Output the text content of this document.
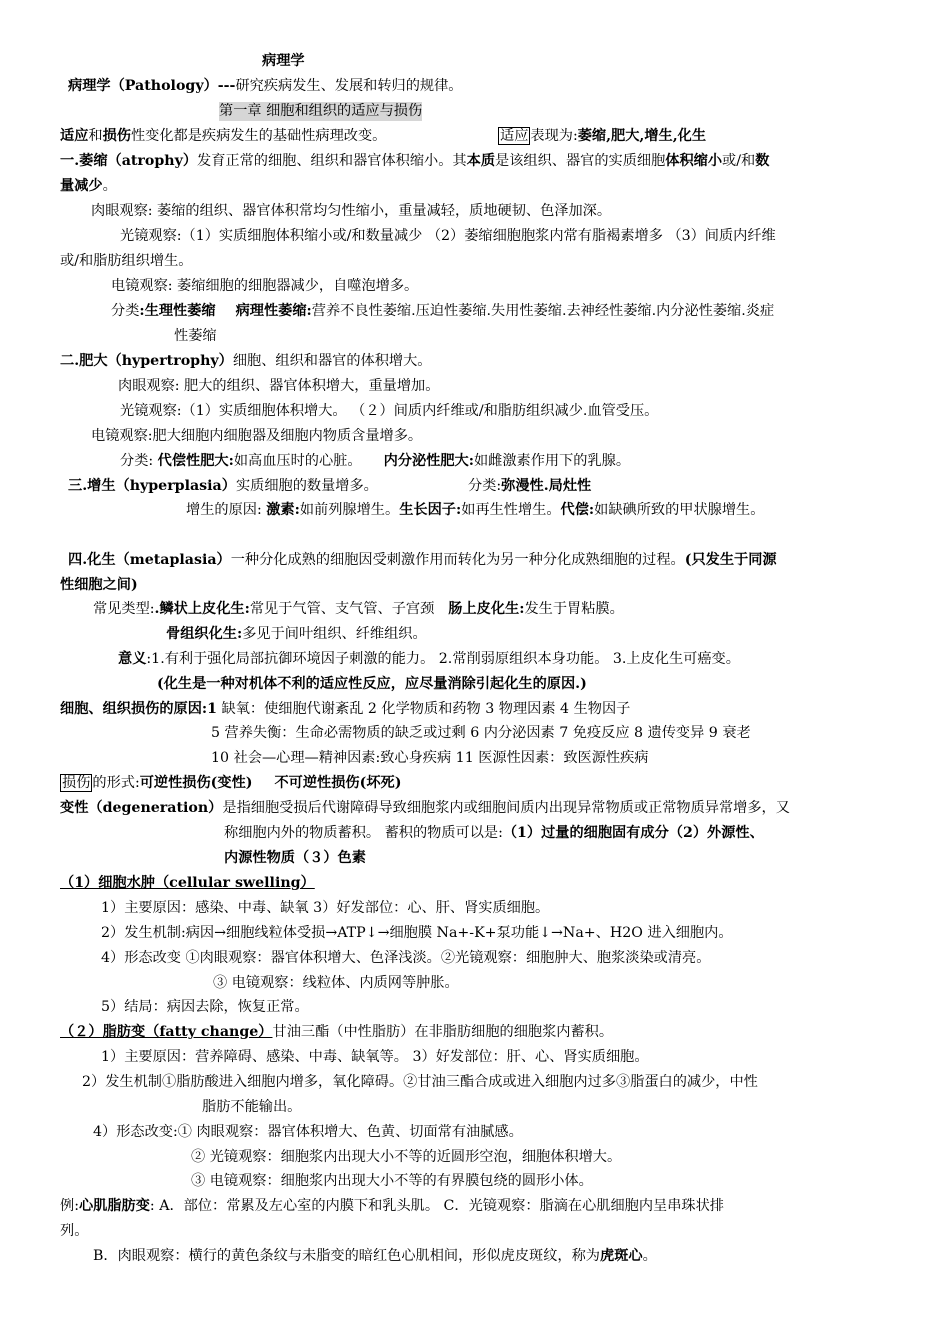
病理学
病理学（Pathology）---研究疾病发生、发展和转归的规律。
第一章 细胞和组织的适应与损伤
适应和损伤性变化都是疾病发生的基础性病理改变。	适应 表现为:萎缩,肥大,增生,化生
一.萎缩（atrophy）发育正常的细胞、组织和器官体积缩小。其本质是该组织、器官的实质细胞体积缩小或/和数
量减少。
肉眼观察: 萎缩的组织、器官体积常均匀性缩小，重量减轻，质地硬韧、色泽加深。
光镜观察:（1）实质细胞体积缩小或/和数量减少 （2）萎缩细胞胞浆内常有脂褐素增多 （3）间质内纤维
或/和脂肪组织增生。
电镜观察: 萎缩细胞的细胞器减少，自噬泡增多。
分类:生理性萎缩 病理性萎缩:营养不良性萎缩.压迫性萎缩.失用性萎缩.去神经性萎缩.内分泌性萎缩.炎症
性萎缩
二.肥大（hypertrophy）细胞、组织和器官的体积增大。
肉眼观察: 肥大的组织、器官体积增大，重量增加。
光镜观察:（1）实质细胞体积增大。 （２）间质内纤维或/和脂肪组织减少.血管受压。
电镜观察:肥大细胞内细胞器及细胞内物质含量增多。
分类: 代偿性肥大:如高血压时的心脏。 内分泌性肥大:如雌激素作用下的乳腺。
三.增生（hyperplasia）实质细胞的数量增多。	分类:弥漫性.局灶性
增生的原因: 激素:如前列腺增生。生长因子:如再生性增生。代偿:如缺碘所致的甲状腺增生。
四.化生（metaplasia）一种分化成熟的细胞因受刺激作用而转化为另一种分化成熟细胞的过程。(只发生于同源
性细胞之间)
常见类型:.鳞状上皮化生:常见于气管、支气管、子宫颈 肠上皮化生:发生于胃粘膜。
骨组织化生:多见于间叶组织、纤维组织。
意义:1.有利于强化局部抗御环境因子刺激的能力。 2.常削弱原组织本身功能。 3.上皮化生可癌变。
(化生是一种对机体不利的适应性反应，应尽量消除引起化生的原因.)
细胞、组织损伤的原因:1 缺氧：使细胞代谢紊乱 2 化学物质和药物 3 物理因素 4 生物因子
5 营养失衡：生命必需物质的缺乏或过剩 6 内分泌因素 7 免疫反应 8 遗传变异 9 衰老
10 社会—心理—精神因素:致心身疾病 11 医源性因素：致医源性疾病
损伤 的形式:可逆性损伤(变性) 不可逆性损伤(坏死)
变性（degeneration）是指细胞受损后代谢障碍导致细胞浆内或细胞间质内出现异常物质或正常物质异常增多，又
称细胞内外的物质蓄积。 蓄积的物质可以是:（1）过量的细胞固有成分（2）外源性、
内源性物质（３）色素
（1）细胞水肿（cellular swelling）
1）主要原因：感染、中毒、缺氧 3）好发部位：心、肝、肾实质细胞。
2）发生机制:病因→细胞线粒体受损→ATP↓→细胞膜 Na+-K+泵功能↓→Na+、H2O 进入细胞内。
4）形态改变 ①肉眼观察：器官体积增大、色泽浅淡。②光镜观察：细胞肿大、胞浆淡染或清亮。
③ 电镜观察：线粒体、内质网等肿胀。
5）结局：病因去除，恢复正常。
（２）脂肪变（fatty change）甘油三酯（中性脂肪）在非脂肪细胞的细胞浆内蓄积。
1）主要原因：营养障碍、感染、中毒、缺氧等。 3）好发部位：肝、心、肾实质细胞。
2）发生机制①脂肪酸进入细胞内增多，氧化障碍。②甘油三酯合成或进入细胞内过多③脂蛋白的减少，中性
脂肪不能输出。
4）形态改变:① 肉眼观察：器官体积增大、色黄、切面常有油腻感。
② 光镜观察：细胞浆内出现大小不等的近圆形空泡，细胞体积增大。
③ 电镜观察：细胞浆内出现大小不等的有界膜包绕的圆形小体。
例:心肌脂肪变: A．部位：常累及左心室的内膜下和乳头肌。 C．光镜观察：脂滴在心肌细胞内呈串珠状排
列。
B．肉眼观察：横行的黄色条纹与未脂变的暗红色心肌相间，形似虎皮斑纹，称为虎斑心。
